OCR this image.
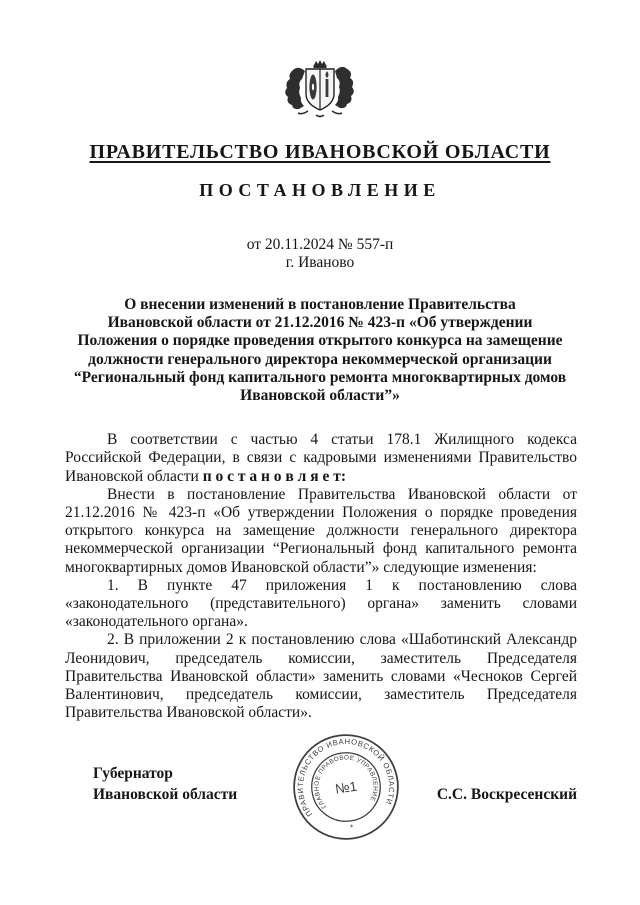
ПРАВИТЕЛЬСТВО ИВАНОВСКОЙ ОБЛАСТИ
ПОСТАНОВЛЕНИЕ
от 20.11.2024 № 557-п
г. Иваново
О внесении изменений в постановление Правительства
Ивановской области от 21.12.2016 № 423-п «Об утверждении
Положения о порядке проведения открытого конкурса на замещение
должности генерального директора некоммерческой организации
“Региональный фонд капитального ремонта многоквартирных домов
Ивановской области”»

В соответствии с частью 4 статьи 178.1 Жилищного кодекса Российской Федерации, в связи с кадровыми изменениями Правительство Ивановской области п о с т а н о в л я е т:

Внести в постановление Правительства Ивановской области от 21.12.2016 № 423-п «Об утверждении Положения о порядке проведения открытого конкурса на замещение должности генерального директора некоммерческой организации “Региональный фонд капитального ремонта многоквартирных домов Ивановской области”» следующие изменения:

1. В пункте 47 приложения 1 к постановлению слова «законодательного (представительного) органа» заменить словами «законодательного органа».

2. В приложении 2 к постановлению слова «Шаботинский Александр Леонидович, председатель комиссии, заместитель Председателя Правительства Ивановской области» заменить словами «Чесноков Сергей Валентинович, председатель комиссии, заместитель Председателя Правительства Ивановской области».

Губернатор
Ивановской области	С.С. Воскресенский
ПРАВИТЕЛЬСТВО ИВАНОВСКОЙ ОБЛАСТИ
ГЛАВНОЕ ПРАВОВОЕ УПРАВЛЕНИЕ
№1
*
